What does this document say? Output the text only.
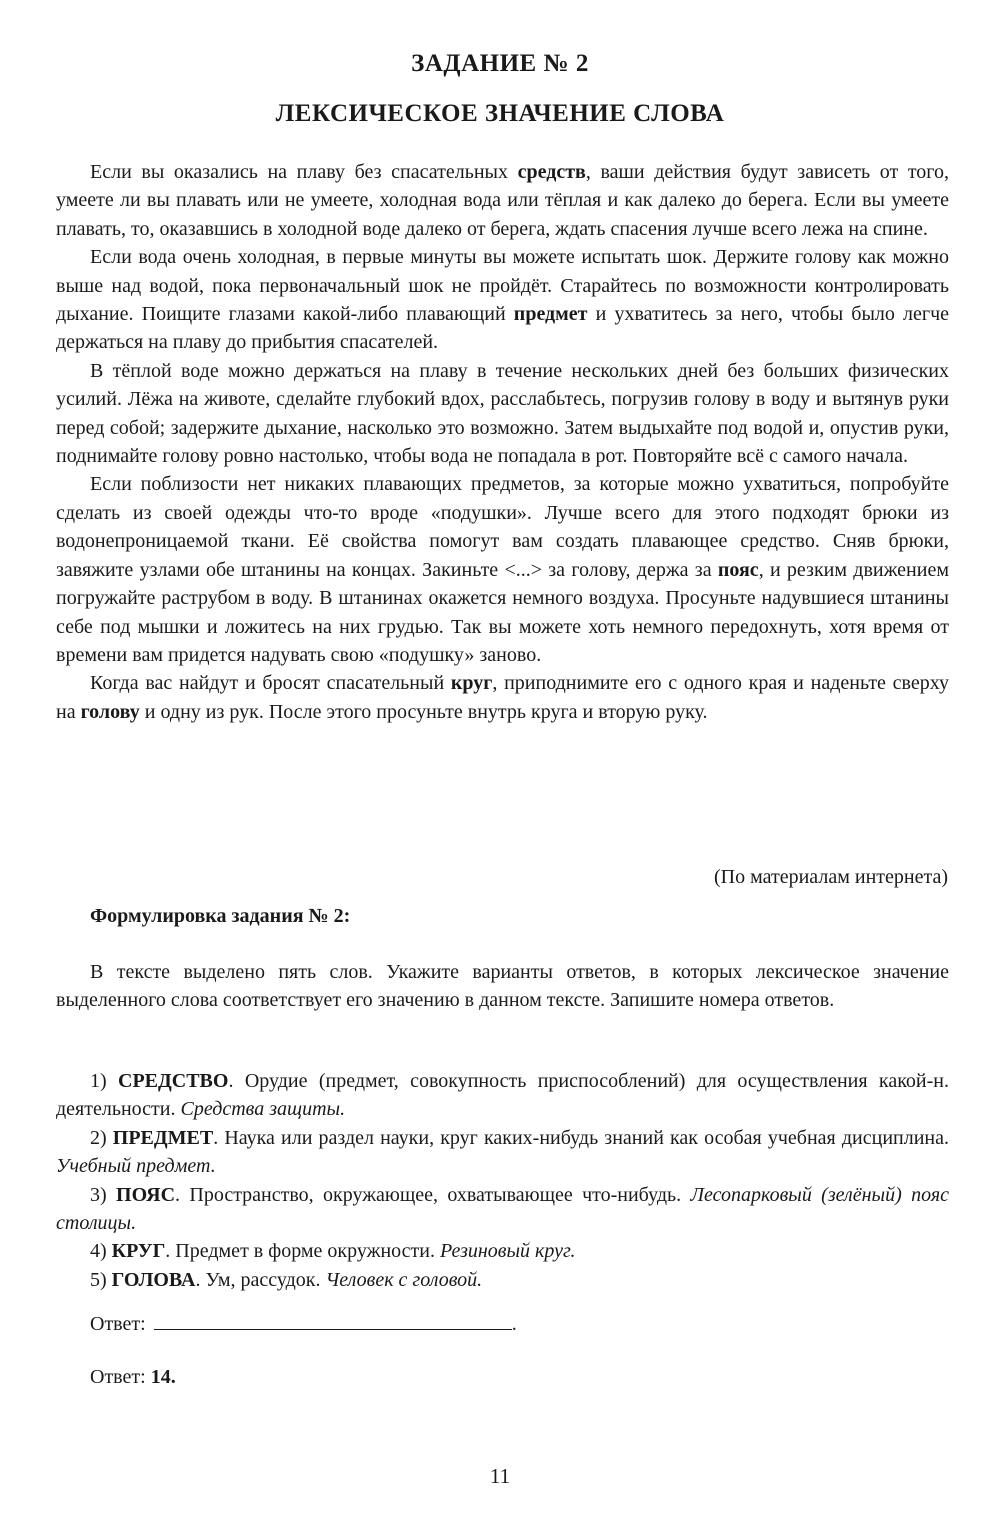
ЗАДАНИЕ № 2
ЛЕКСИЧЕСКОЕ ЗНАЧЕНИЕ СЛОВА

Если вы оказались на плаву без спасательных средств, ваши действия будут зависеть от того, умеете ли вы плавать или не умеете, холодная вода или тёплая и как далеко до берега. Если вы умеете плавать, то, оказавшись в холодной воде далеко от берега, ждать спасения лучше всего лежа на спине.

Если вода очень холодная, в первые минуты вы можете испытать шок. Держите голову как можно выше над водой, пока первоначальный шок не пройдёт. Старайтесь по возможности контролировать дыхание. Поищите глазами какой-либо плавающий предмет и ухватитесь за него, чтобы было легче держаться на плаву до прибытия спасателей.

В тёплой воде можно держаться на плаву в течение нескольких дней без больших физических усилий. Лёжа на животе, сделайте глубокий вдох, расслабьтесь, погрузив голову в воду и вытянув руки перед собой; задержите дыхание, насколько это возможно. Затем выдыхайте под водой и, опустив руки, поднимайте голову ровно настолько, чтобы вода не попадала в рот. Повторяйте всё с самого начала.

Если поблизости нет никаких плавающих предметов, за которые можно ухватиться, попробуйте сделать из своей одежды что-то вроде «подушки». Лучше всего для этого подходят брюки из водонепроницаемой ткани. Её свойства помогут вам создать плавающее средство. Сняв брюки, завяжите узлами обе штанины на концах. Закиньте <...> за голову, держа за пояс, и резким движением погружайте раструбом в воду. В штанинах окажется немного воздуха. Просуньте надувшиеся штанины себе под мышки и ложитесь на них грудью. Так вы можете хоть немного передохнуть, хотя время от времени вам придется надувать свою «подушку» заново.

Когда вас найдут и бросят спасательный круг, приподнимите его с одного края и наденьте сверху на голову и одну из рук. После этого просуньте внутрь круга и вторую руку.

(По материалам интернета)
Формулировка задания № 2:

В тексте выделено пять слов. Укажите варианты ответов, в которых лексическое значение выделенного слова соответствует его значению в данном тексте. Запишите номера ответов.

1) СРЕДСТВО. Орудие (предмет, совокупность приспособлений) для осуществления какой-н. деятельности. Средства защиты.

2) ПРЕДМЕТ. Наука или раздел науки, круг каких-нибудь знаний как особая учебная дисциплина. Учебный предмет.

3) ПОЯС. Пространство, окружающее, охватывающее что-нибудь. Лесопарковый (зелёный) пояс столицы.

4) КРУГ. Предмет в форме окружности. Резиновый круг.

5) ГОЛОВА. Ум, рассудок. Человек с головой.

Ответ:	.
Ответ: 14.
11
